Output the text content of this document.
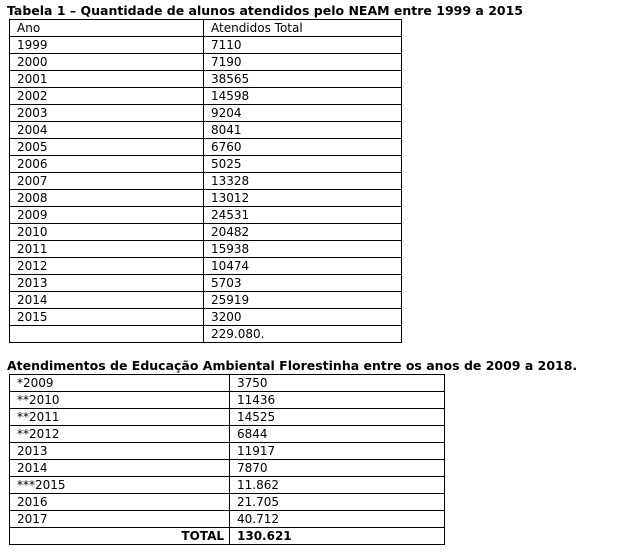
Tabela 1 – Quantidade de alunos atendidos pelo NEAM entre 1999 a 2015

Ano	Atendidos Total
1999	7110
2000	7190
2001	38565
2002	14598
2003	9204
2004	8041
2005	6760
2006	5025
2007	13328
2008	13012
2009	24531
2010	20482
2011	15938
2012	10474
2013	5703
2014	25919
2015	3200
	229.080.

Atendimentos de Educação Ambiental Florestinha entre os anos de 2009 a 2018.

*2009	3750
**2010	11436
**2011	14525
**2012	6844
2013	11917
2014	7870
***2015	11.862
2016	21.705
2017	40.712
TOTAL	130.621
